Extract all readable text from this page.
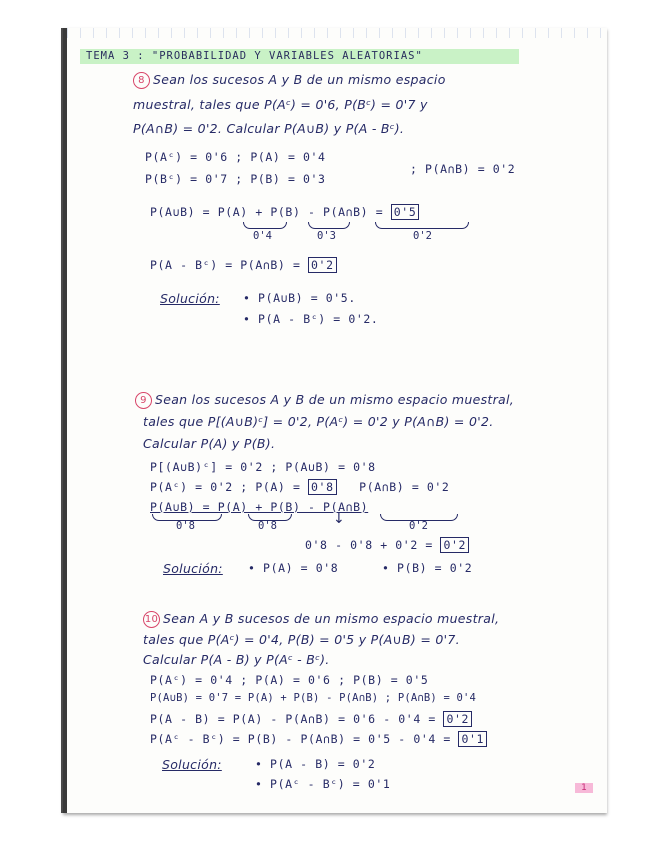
1
TEMA 3 : "PROBABILIDAD Y VARIABLES ALEATORIAS"
8 Sean los sucesos A y B de un mismo espacio
muestral, tales que P(Aᶜ) = 0'6, P(Bᶜ) = 0'7 y
P(A∩B) = 0'2. Calcular P(A∪B) y P(A - Bᶜ).
P(Aᶜ) = 0'6 ; P(A) = 0'4
P(Bᶜ) = 0'7 ; P(B) = 0'3
; P(A∩B) = 0'2
P(A∪B) = P(A) + P(B) - P(A∩B) = 0'5
0'4	0'3	0'2
P(A - Bᶜ) = P(A∩B) = 0'2
Solución: • P(A∪B) = 0'5.
• P(A - Bᶜ) = 0'2.
9 Sean los sucesos A y B de un mismo espacio muestral,
tales que P[(A∪B)ᶜ] = 0'2, P(Aᶜ) = 0'2 y P(A∩B) = 0'2.
Calcular P(A) y P(B).
P[(A∪B)ᶜ] = 0'2 ; P(A∪B) = 0'8
P(Aᶜ) = 0'2 ; P(A) = 0'8 P(A∩B) = 0'2
P(A∪B) = P(A) + P(B) - P(A∩B)
0'8	0'8	0'2
↓
0'8 - 0'8 + 0'2 = 0'2
Solución: • P(A) = 0'8	• P(B) = 0'2
10 Sean A y B sucesos de un mismo espacio muestral,
tales que P(Aᶜ) = 0'4, P(B) = 0'5 y P(A∪B) = 0'7.
Calcular P(A - B) y P(Aᶜ - Bᶜ).
P(Aᶜ) = 0'4 ; P(A) = 0'6 ; P(B) = 0'5
P(A∪B) = 0'7 = P(A) + P(B) - P(A∩B) ; P(A∩B) = 0'4
P(A - B) = P(A) - P(A∩B) = 0'6 - 0'4 = 0'2
P(Aᶜ - Bᶜ) = P(B) - P(A∩B) = 0'5 - 0'4 = 0'1
Solución:	• P(A - B) = 0'2
• P(Aᶜ - Bᶜ) = 0'1
